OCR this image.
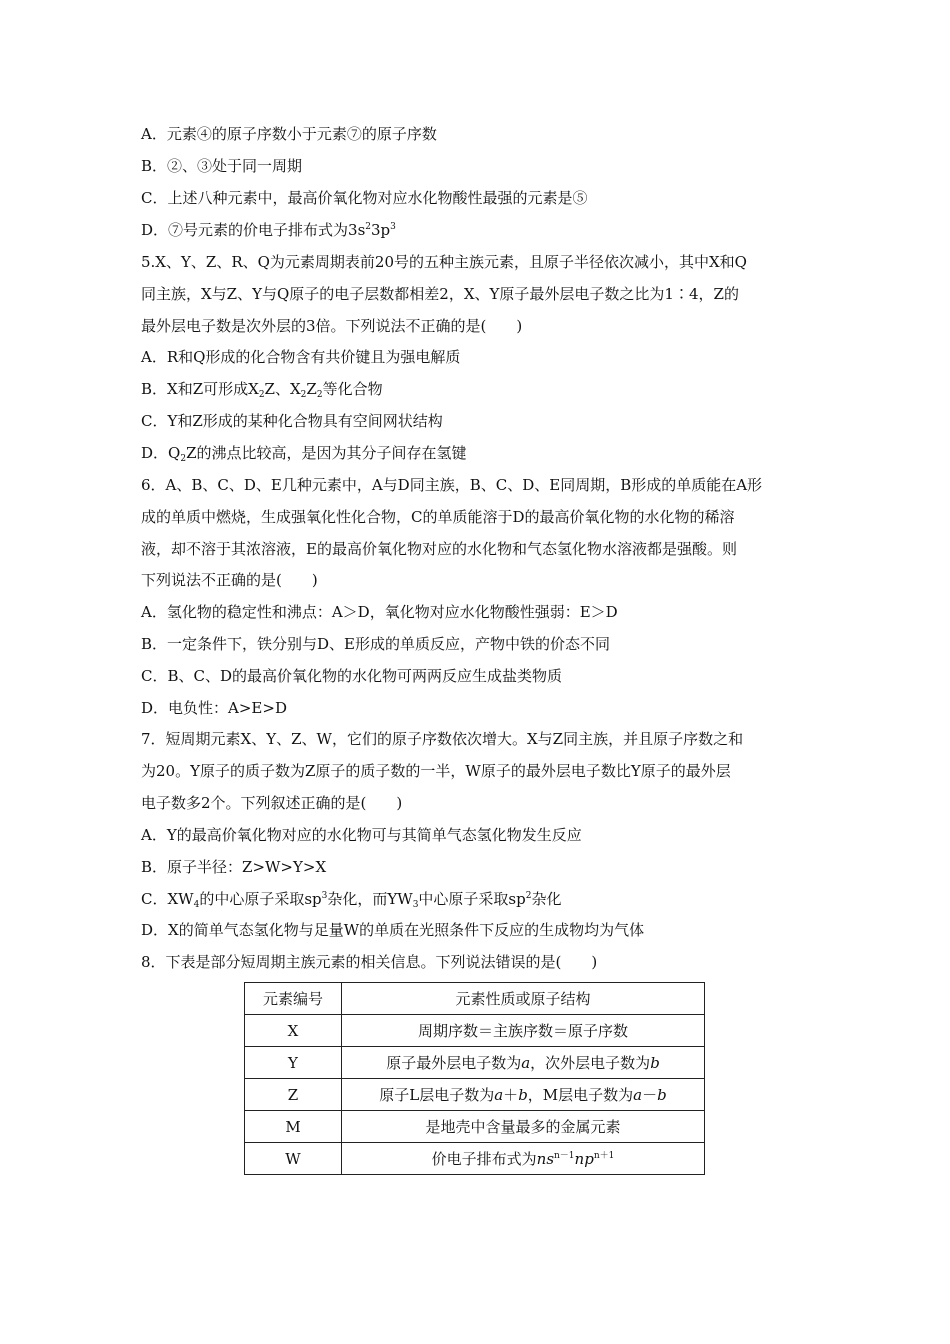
A．元素④的原子序数小于元素⑦的原子序数
B．②、③处于同一周期
C．上述八种元素中，最高价氧化物对应水化物酸性最强的元素是⑤
D．⑦号元素的价电子排布式为$3s^23p^3$
5.X、Y、Z、R、Q为元素周期表前20号的五种主族元素，且原子半径依次减小，其中X和Q
同主族，X与Z、Y与Q原子的电子层数都相差2，X、Y原子最外层电子数之比为1∶4，Z的
最外层电子数是次外层的3倍。下列说法不正确的是(　　)
A．R和Q形成的化合物含有共价键且为强电解质
B．X和Z可形成$X_2Z$、$X_2Z_2$等化合物
C．Y和Z形成的某种化合物具有空间网状结构
D．$Q_2Z$的沸点比较高，是因为其分子间存在氢键
6．A、B、C、D、E几种元素中，A与D同主族，B、C、D、E同周期，B形成的单质能在A形
成的单质中燃烧，生成强氧化性化合物，C的单质能溶于D的最高价氧化物的水化物的稀溶
液，却不溶于其浓溶液，E的最高价氧化物对应的水化物和气态氢化物水溶液都是强酸。则
下列说法不正确的是(　　)
A．氢化物的稳定性和沸点：A＞D，氧化物对应水化物酸性强弱：E＞D
B．一定条件下，铁分别与D、E形成的单质反应，产物中铁的价态不同
C．B、C、D的最高价氧化物的水化物可两两反应生成盐类物质
D．电负性：A>E>D
7．短周期元素X、Y、Z、W，它们的原子序数依次增大。X与Z同主族，并且原子序数之和
为20。Y原子的质子数为Z原子的质子数的一半，W原子的最外层电子数比Y原子的最外层
电子数多2个。下列叙述正确的是(　　)
A．Y的最高价氧化物对应的水化物可与其简单气态氢化物发生反应
B．原子半径：Z>W>Y>X
C．$XW_4$的中心原子采取$sp^3$杂化，而$YW_3$中心原子采取$sp^2$杂化
D．X的简单气态氢化物与足量W的单质在光照条件下反应的生成物均为气体
8．下表是部分短周期主族元素的相关信息。下列说法错误的是(　　)
元素编号	元素性质或原子结构
X	周期序数＝主族序数＝原子序数
Y	原子最外层电子数为a，次外层电子数为b
Z	原子L层电子数为a＋b，M层电子数为a－b
M	是地壳中含量最多的金属元素
W	价电子排布式为$ns^{n-1}np^{n+1}$
